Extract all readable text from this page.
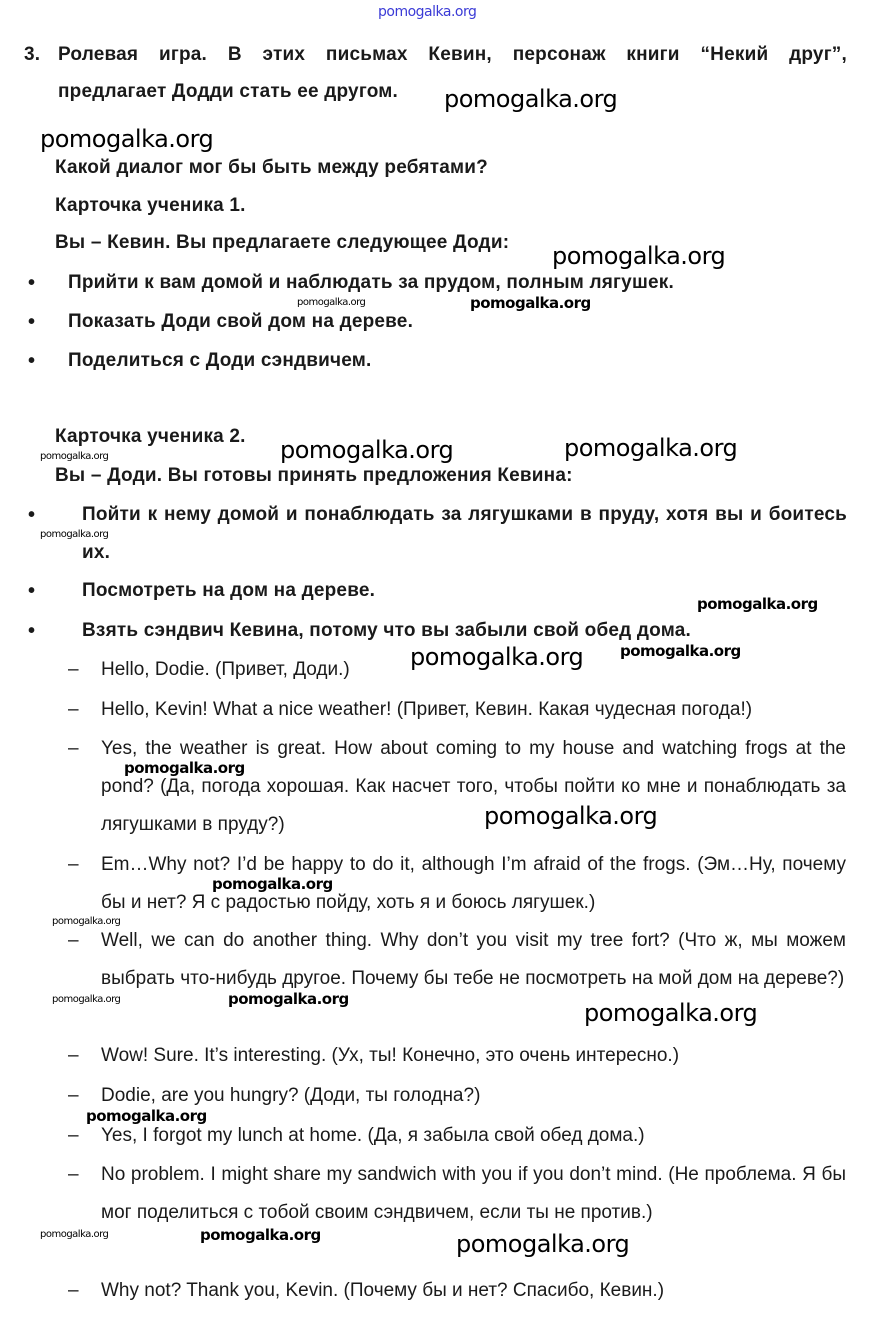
pomogalka.org
3. Ролевая игра. В этих письмах Кевин, персонаж книги “Некий друг”,
предлагает Додди стать ее другом.
Какой диалог мог бы быть между ребятами?
Карточка ученика 1.
Вы – Кевин. Вы предлагаете следующее Доди:
• Прийти к вам домой и наблюдать за прудом, полным лягушек.
• Показать Доди свой дом на дереве.
• Поделиться с Доди сэндвичем.
Карточка ученика 2.
Вы – Доди. Вы готовы принять предложения Кевина:
• Пойти к нему домой и понаблюдать за лягушками в пруду, хотя вы и боитесь их.
• Посмотреть на дом на дереве.
• Взять сэндвич Кевина, потому что вы забыли свой обед дома.
– Hello, Dodie. (Привет, Доди.)
– Hello, Kevin! What a nice weather! (Привет, Кевин. Какая чудесная погода!)
– Yes, the weather is great. How about coming to my house and watching frogs at the pond? (Да, погода хорошая. Как насчет того, чтобы пойти ко мне и понаблюдать за лягушками в пруду?)
– Em…Why not? I’d be happy to do it, although I’m afraid of the frogs. (Эм…Ну, почему бы и нет? Я с радостью пойду, хоть я и боюсь лягушек.)
– Well, we can do another thing. Why don’t you visit my tree fort? (Что ж, мы можем выбрать что-нибудь другое. Почему бы тебе не посмотреть на мой дом на дереве?)
– Wow! Sure. It’s interesting. (Ух, ты! Конечно, это очень интересно.)
– Dodie, are you hungry? (Доди, ты голодна?)
– Yes, I forgot my lunch at home. (Да, я забыла свой обед дома.)
– No problem. I might share my sandwich with you if you don’t mind. (Не проблема. Я бы мог поделиться с тобой своим сэндвичем, если ты не против.)
– Why not? Thank you, Kevin. (Почему бы и нет? Спасибо, Кевин.)
pomogalka.org
pomogalka.org
pomogalka.org
pomogalka.org	pomogalka.org
pomogalka.org
pomogalka.org
pomogalka.org
pomogalka.org
pomogalka.org
pomogalka.org
pomogalka.org
pomogalka.org
pomogalka.org
pomogalka.org
pomogalka.org
pomogalka.org
pomogalka.org
pomogalka.org
pomogalka.org
pomogalka.org
pomogalka.org
pomogalka.org
